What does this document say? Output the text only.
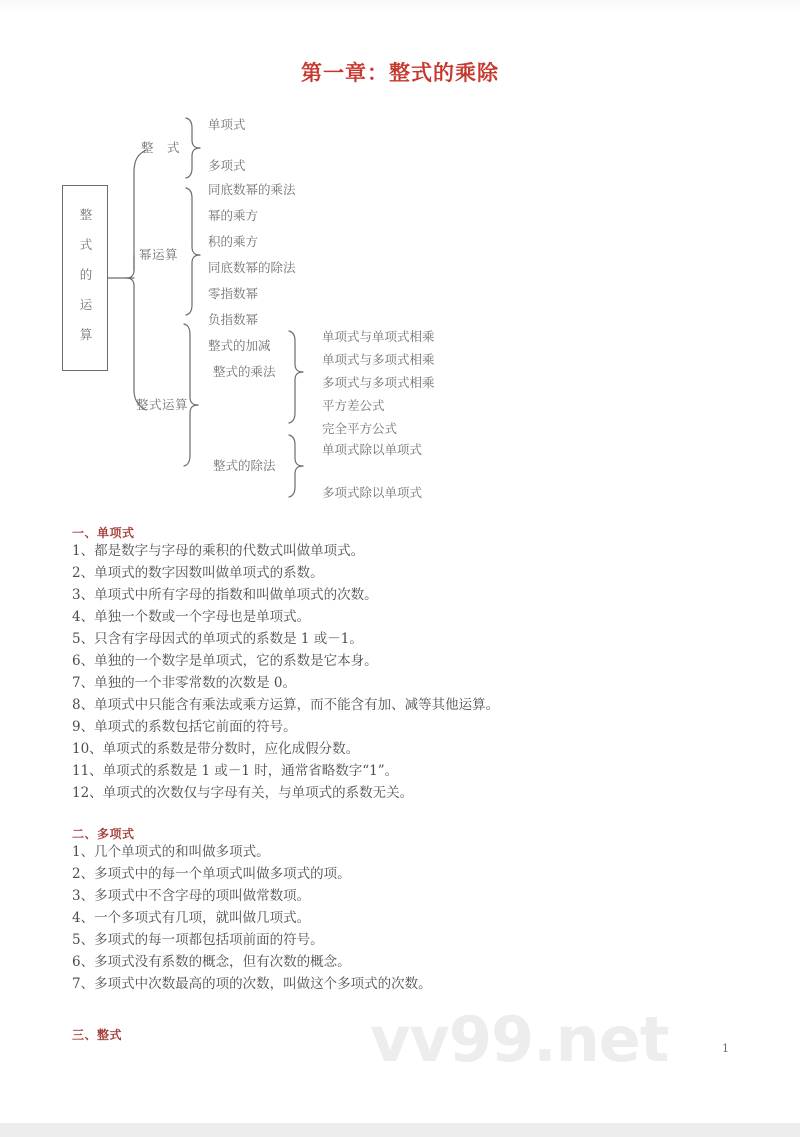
第一章：整式的乘除
整
式
的
运
算
整　式
幂运算
整式运算
单项式
多项式
同底数幂的乘法
幂的乘方
积的乘方
同底数幂的除法
零指数幂
负指数幂
整式的加减
整式的乘法
整式的除法
单项式与单项式相乘
单项式与多项式相乘
多项式与多项式相乘
平方差公式
完全平方公式
单项式除以单项式
多项式除以单项式
一、单项式
1、都是数字与字母的乘积的代数式叫做单项式。
2、单项式的数字因数叫做单项式的系数。
3、单项式中所有字母的指数和叫做单项式的次数。
4、单独一个数或一个字母也是单项式。
5、只含有字母因式的单项式的系数是 1 或－1。
6、单独的一个数字是单项式，它的系数是它本身。
7、单独的一个非零常数的次数是 0。
8、单项式中只能含有乘法或乘方运算，而不能含有加、减等其他运算。
9、单项式的系数包括它前面的符号。
10、单项式的系数是带分数时，应化成假分数。
11、单项式的系数是 1 或－1 时，通常省略数字“1”。
12、单项式的次数仅与字母有关，与单项式的系数无关。
二、多项式
1、几个单项式的和叫做多项式。
2、多项式中的每一个单项式叫做多项式的项。
3、多项式中不含字母的项叫做常数项。
4、一个多项式有几项，就叫做几项式。
5、多项式的每一项都包括项前面的符号。
6、多项式没有系数的概念，但有次数的概念。
7、多项式中次数最高的项的次数，叫做这个多项式的次数。
三、整式	vv99.net	1
